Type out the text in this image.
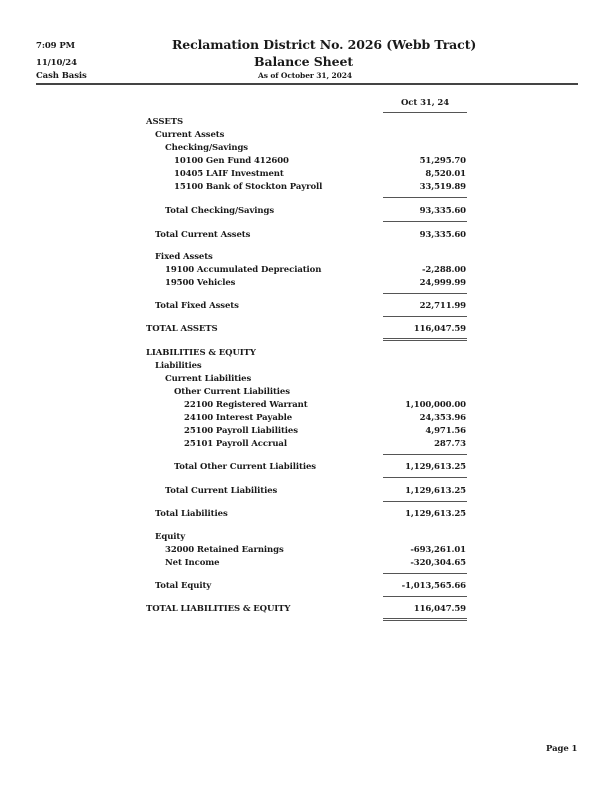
7:09 PM
11/10/24
Cash Basis
Reclamation District No. 2026 (Webb Tract)
Balance Sheet
As of October 31, 2024
Oct 31, 24
ASSETS
Current Assets
Checking/Savings
10100 Gen Fund 412600	51,295.70
10405 LAIF Investment	8,520.01
15100 Bank of Stockton Payroll	33,519.89
Total Checking/Savings	93,335.60
Total Current Assets	93,335.60
Fixed Assets
19100 Accumulated Depreciation	-2,288.00
19500 Vehicles	24,999.99
Total Fixed Assets	22,711.99
TOTAL ASSETS	116,047.59
LIABILITIES & EQUITY
Liabilities
Current Liabilities
Other Current Liabilities
22100 Registered Warrant	1,100,000.00
24100 Interest Payable	24,353.96
25100 Payroll Liabilities	4,971.56
25101 Payroll Accrual	287.73
Total Other Current Liabilities	1,129,613.25
Total Current Liabilities	1,129,613.25
Total Liabilities	1,129,613.25
Equity
32000 Retained Earnings	-693,261.01
Net Income	-320,304.65
Total Equity	-1,013,565.66
TOTAL LIABILITIES & EQUITY	116,047.59
Page 1
